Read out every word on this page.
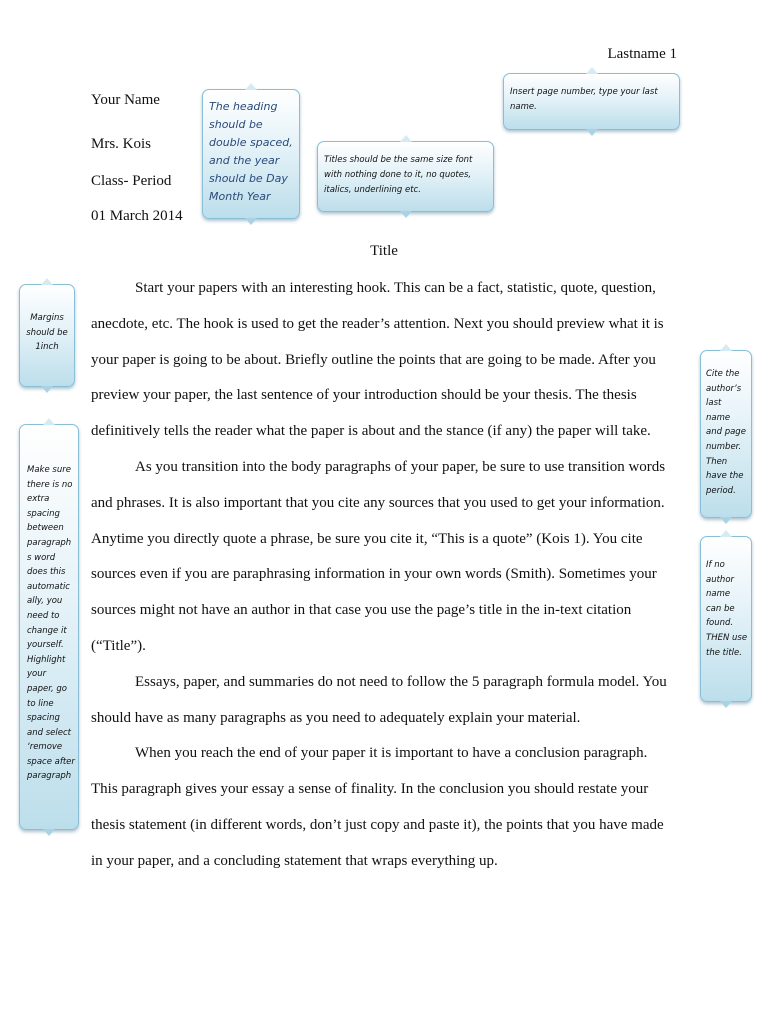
Lastname 1
Your Name
Mrs. Kois
Class- Period
01 March 2014
Title

Start your papers with an interesting hook. This can be a fact, statistic, quote, question, anecdote, etc. The hook is used to get the reader’s attention. Next you should preview what it is your paper is going to be about. Briefly outline the points that are going to be made. After you preview your paper, the last sentence of your introduction should be your thesis. The thesis definitively tells the reader what the paper is about and the stance (if any) the paper will take.

As you transition into the body paragraphs of your paper, be sure to use transition words and phrases. It is also important that you cite any sources that you used to get your information. Anytime you directly quote a phrase, be sure you cite it, “This is a quote” (Kois 1). You cite sources even if you are paraphrasing information in your own words (Smith). Sometimes your sources might not have an author in that case you use the page’s title in the in-text citation (“Title”).

Essays, paper, and summaries do not need to follow the 5 paragraph formula model. You should have as many paragraphs as you need to adequately explain your material.

When you reach the end of your paper it is important to have a conclusion paragraph. This paragraph gives your essay a sense of finality. In the conclusion you should restate your thesis statement (in different words, don’t just copy and paste it), the points that you have made in your paper, and a concluding statement that wraps everything up.

The heading should be double spaced, and the year should be Day Month Year
Titles should be the same size font with nothing done to it, no quotes, italics, underlining etc.
Insert page number, type your last name.
Margins should be 1inch
Make sure there is no extra spacing between paragraph s word does this automatic ally, you need to change it yourself. Highlight your paper, go to line spacing and select ‘remove space after paragraph
Cite the author’s last name and page number. Then have the period.
If no author name can be found. THEN use the title.
